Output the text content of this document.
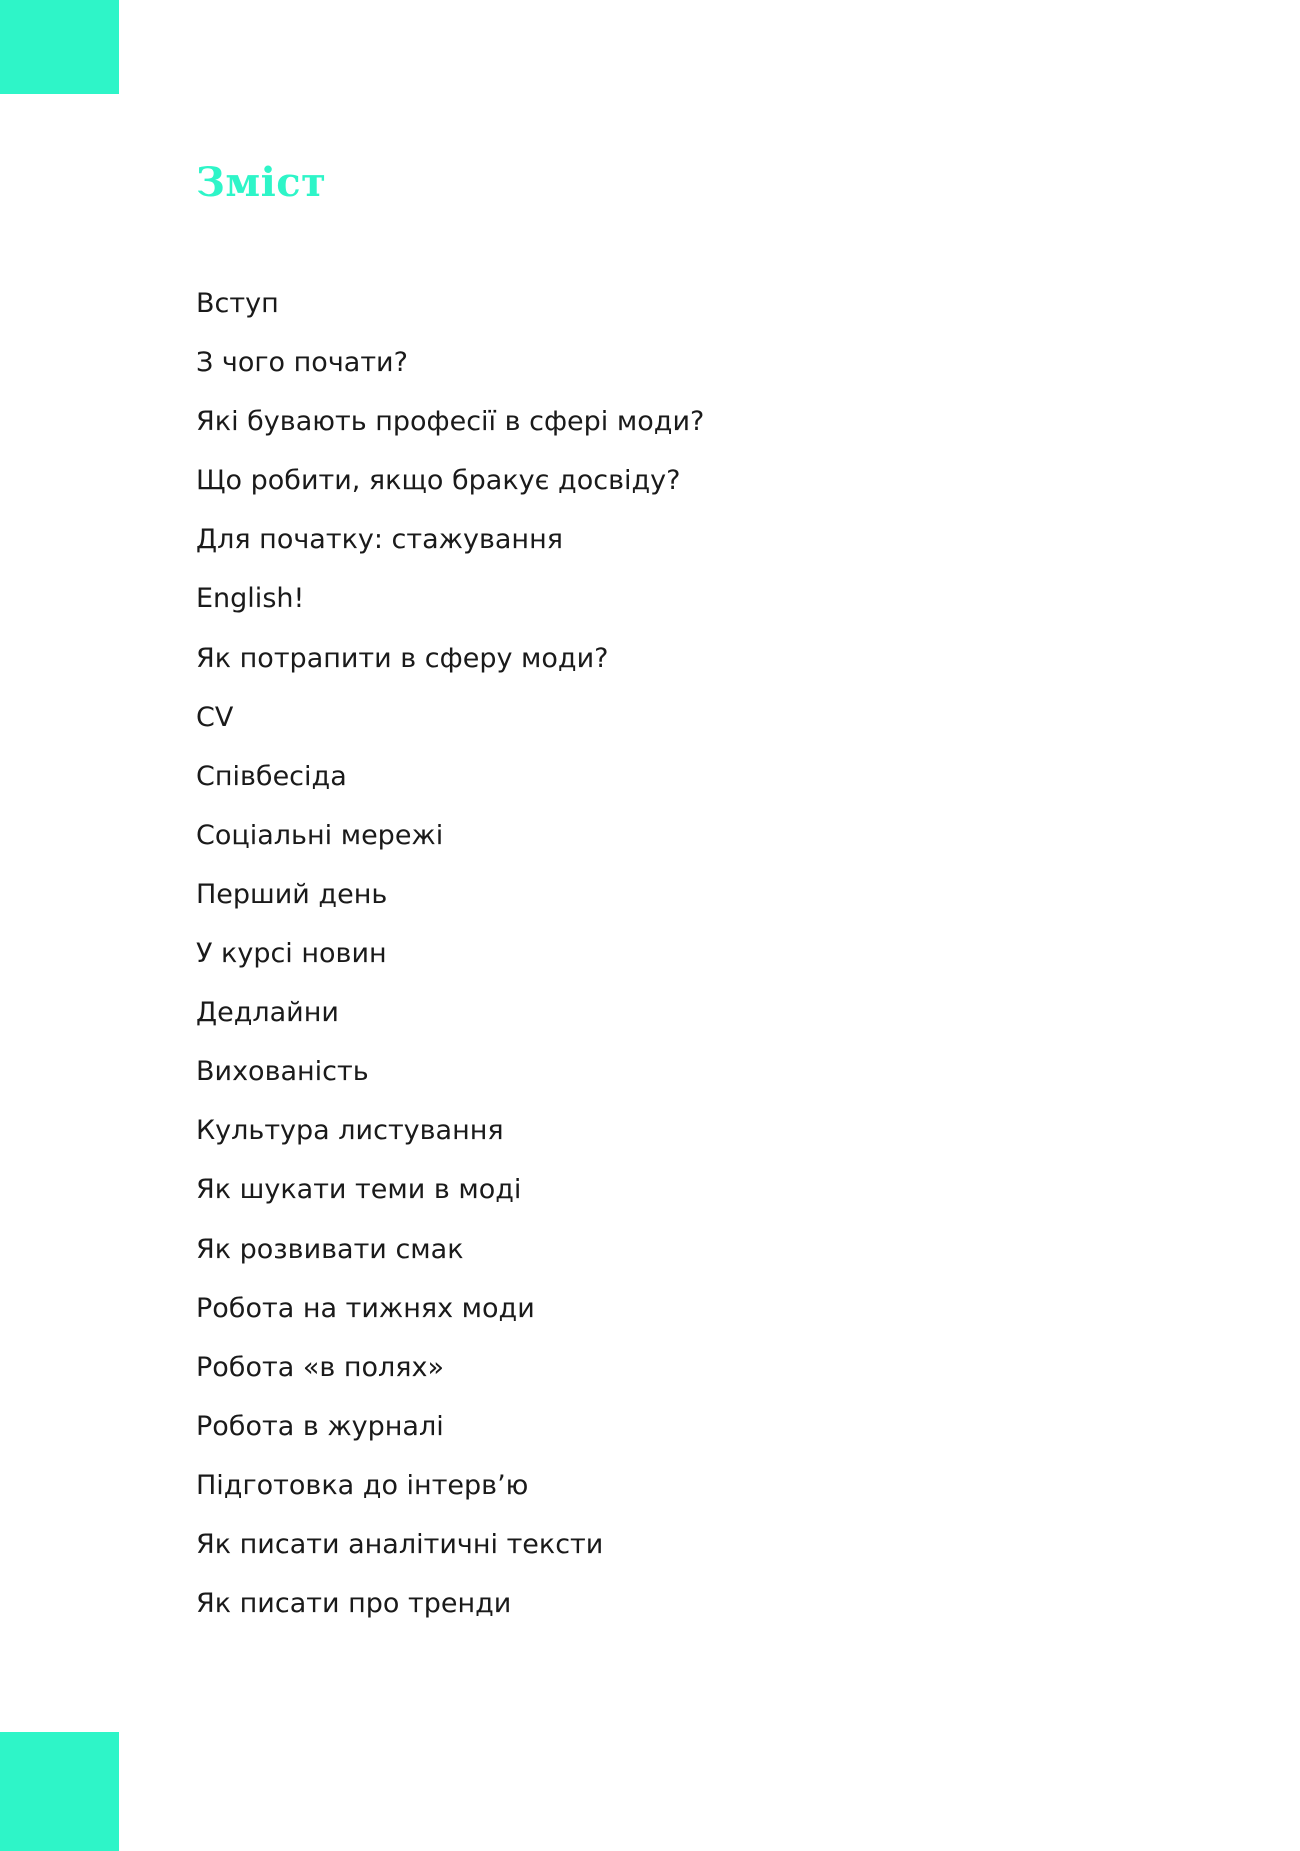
Зміст
Вступ
З чого почати?
Які бувають професії в сфері моди?
Що робити, якщо бракує досвіду?
Для початку: стажування
English!
Як потрапити в сферу моди?
CV
Співбесіда
Соціальні мережі
Перший день
У курсі новин
Дедлайни
Вихованість
Культура листування
Як шукати теми в моді
Як розвивати смак
Робота на тижнях моди
Робота «в полях»
Робота в журналі
Підготовка до інтерв’ю
Як писати аналітичні тексти
Як писати про тренди
